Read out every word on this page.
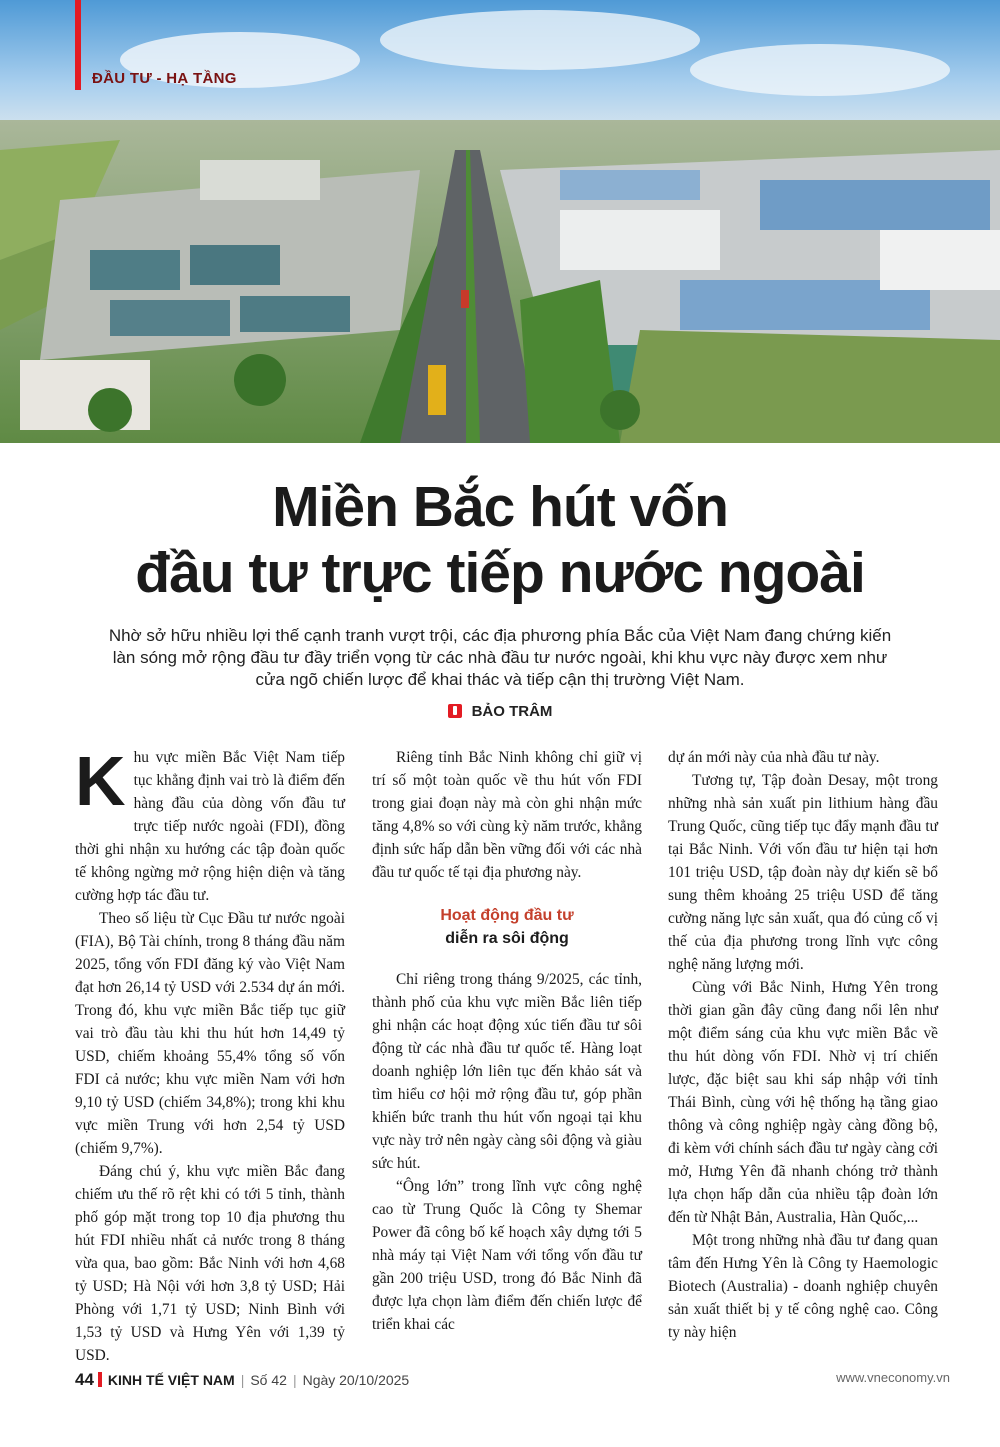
ĐẦU TƯ - HẠ TẦNG
Miền Bắc hút vốn
đầu tư trực tiếp nước ngoài
Nhờ sở hữu nhiều lợi thế cạnh tranh vượt trội, các địa phương phía Bắc của Việt Nam đang chứng kiến làn sóng mở rộng đầu tư đầy triển vọng từ các nhà đầu tư nước ngoài, khi khu vực này được xem như cửa ngõ chiến lược để khai thác và tiếp cận thị trường Việt Nam.
BẢO TRÂM

Khu vực miền Bắc Việt Nam tiếp tục khẳng định vai trò là điểm đến hàng đầu của dòng vốn đầu tư trực tiếp nước ngoài (FDI), đồng thời ghi nhận xu hướng các tập đoàn quốc tế không ngừng mở rộng hiện diện và tăng cường hợp tác đầu tư.

Theo số liệu từ Cục Đầu tư nước ngoài (FIA), Bộ Tài chính, trong 8 tháng đầu năm 2025, tổng vốn FDI đăng ký vào Việt Nam đạt hơn 26,14 tỷ USD với 2.534 dự án mới. Trong đó, khu vực miền Bắc tiếp tục giữ vai trò đầu tàu khi thu hút hơn 14,49 tỷ USD, chiếm khoảng 55,4% tổng số vốn FDI cả nước; khu vực miền Nam với hơn 9,10 tỷ USD (chiếm 34,8%); trong khi khu vực miền Trung với hơn 2,54 tỷ USD (chiếm 9,7%).

Đáng chú ý, khu vực miền Bắc đang chiếm ưu thế rõ rệt khi có tới 5 tỉnh, thành phố góp mặt trong top 10 địa phương thu hút FDI nhiều nhất cả nước trong 8 tháng vừa qua, bao gồm: Bắc Ninh với hơn 4,68 tỷ USD; Hà Nội với hơn 3,8 tỷ USD; Hải Phòng với 1,71 tỷ USD; Ninh Bình với 1,53 tỷ USD và Hưng Yên với 1,39 tỷ USD.

Riêng tỉnh Bắc Ninh không chỉ giữ vị trí số một toàn quốc về thu hút vốn FDI trong giai đoạn này mà còn ghi nhận mức tăng 4,8% so với cùng kỳ năm trước, khẳng định sức hấp dẫn bền vững đối với các nhà đầu tư quốc tế tại địa phương này.

Hoạt động đầu tư
diễn ra sôi động

Chỉ riêng trong tháng 9/2025, các tỉnh, thành phố của khu vực miền Bắc liên tiếp ghi nhận các hoạt động xúc tiến đầu tư sôi động từ các nhà đầu tư quốc tế. Hàng loạt doanh nghiệp lớn liên tục đến khảo sát và tìm hiểu cơ hội mở rộng đầu tư, góp phần khiến bức tranh thu hút vốn ngoại tại khu vực này trở nên ngày càng sôi động và giàu sức hút.

“Ông lớn” trong lĩnh vực công nghệ cao từ Trung Quốc là Công ty Shemar Power đã công bố kế hoạch xây dựng tới 5 nhà máy tại Việt Nam với tổng vốn đầu tư gần 200 triệu USD, trong đó Bắc Ninh đã được lựa chọn làm điểm đến chiến lược để triển khai các

dự án mới này của nhà đầu tư này.

Tương tự, Tập đoàn Desay, một trong những nhà sản xuất pin lithium hàng đầu Trung Quốc, cũng tiếp tục đẩy mạnh đầu tư tại Bắc Ninh. Với vốn đầu tư hiện tại hơn 101 triệu USD, tập đoàn này dự kiến sẽ bổ sung thêm khoảng 25 triệu USD để tăng cường năng lực sản xuất, qua đó củng cố vị thế của địa phương trong lĩnh vực công nghệ năng lượng mới.

Cùng với Bắc Ninh, Hưng Yên trong thời gian gần đây cũng đang nổi lên như một điểm sáng của khu vực miền Bắc về thu hút dòng vốn FDI. Nhờ vị trí chiến lược, đặc biệt sau khi sáp nhập với tỉnh Thái Bình, cùng với hệ thống hạ tầng giao thông và công nghiệp ngày càng đồng bộ, đi kèm với chính sách đầu tư ngày càng cởi mở, Hưng Yên đã nhanh chóng trở thành lựa chọn hấp dẫn của nhiều tập đoàn lớn đến từ Nhật Bản, Australia, Hàn Quốc,...

Một trong những nhà đầu tư đang quan tâm đến Hưng Yên là Công ty Haemologic Biotech (Australia) - doanh nghiệp chuyên sản xuất thiết bị y tế công nghệ cao. Công ty này hiện

44 KINH TẾ VIỆT NAM | Số 42 | Ngày 20/10/2025	www.vneconomy.vn
